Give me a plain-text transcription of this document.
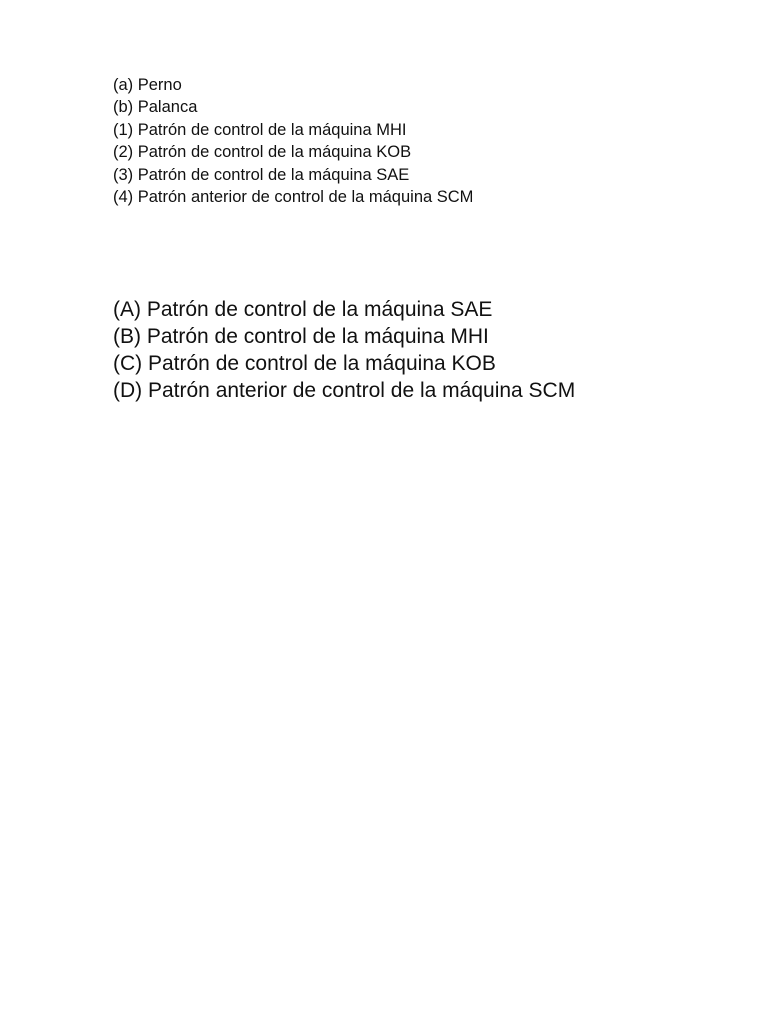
(a) Perno
(b) Palanca
(1) Patrón de control de la máquina MHI
(2) Patrón de control de la máquina KOB
(3) Patrón de control de la máquina SAE
(4) Patrón anterior de control de la máquina SCM
(A) Patrón de control de la máquina SAE
(B) Patrón de control de la máquina MHI
(C) Patrón de control de la máquina KOB
(D) Patrón anterior de control de la máquina SCM
